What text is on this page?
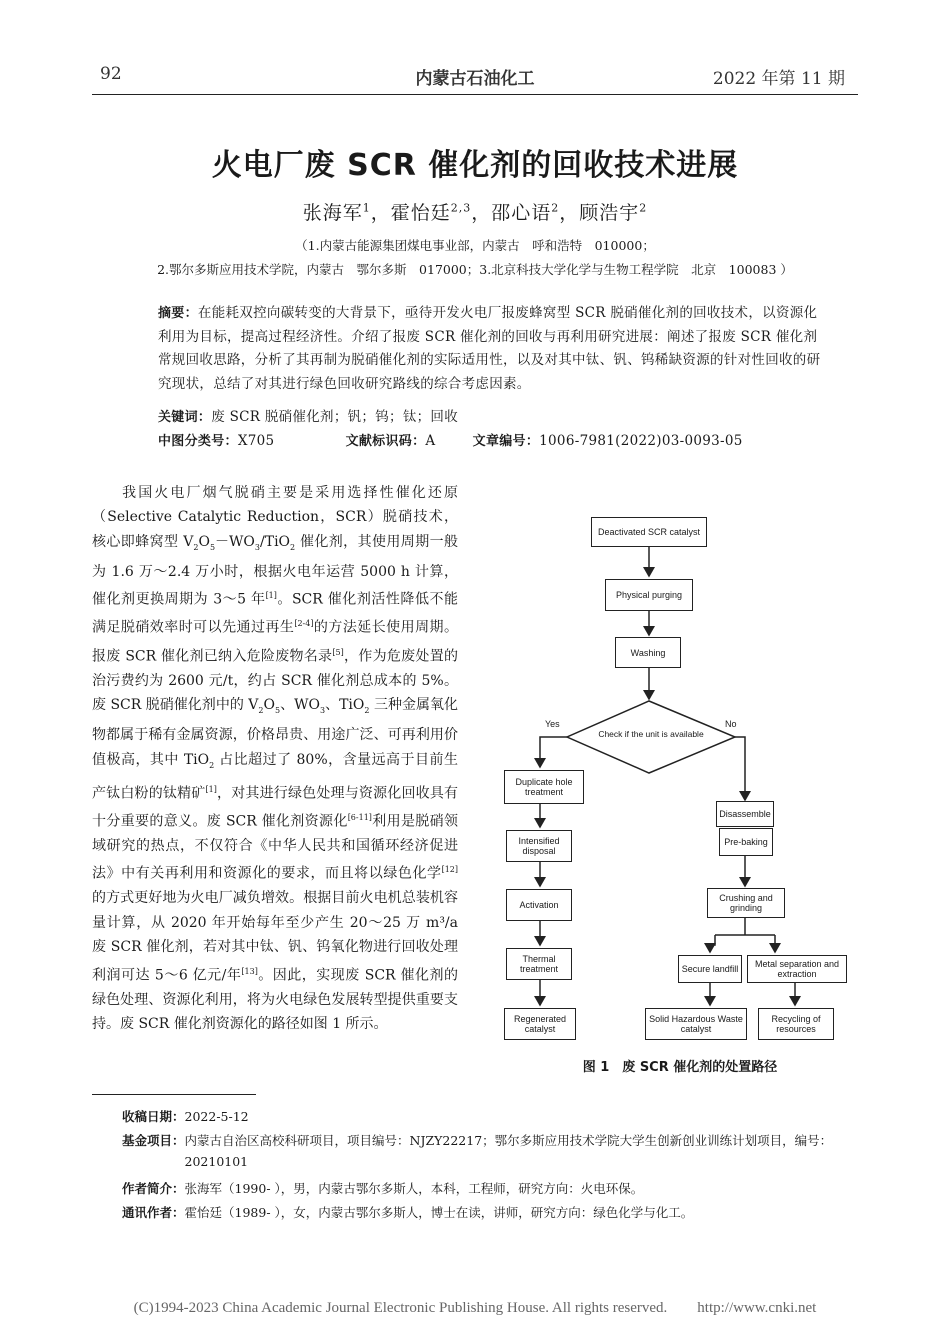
92	内蒙古石油化工	2022 年第 11 期
火电厂废 SCR 催化剂的回收技术进展
张海军$^1$，霍怡廷$^{2,3}$，邵心语$^2$，顾浩宇$^2$
（1.内蒙古能源集团煤电事业部，内蒙古　呼和浩特　010000；
2.鄂尔多斯应用技术学院，内蒙古　鄂尔多斯　017000；3.北京科技大学化学与生物工程学院　北京　100083 ）
摘要：在能耗双控向碳转变的大背景下，亟待开发火电厂报废蜂窝型 SCR 脱硝催化剂的回收技术，以资源化利用为目标，提高过程经济性。介绍了报废 SCR 催化剂的回收与再利用研究进展：阐述了报废 SCR 催化剂常规回收思路，分析了其再制为脱硝催化剂的实际适用性，以及对其中钛、钒、钨稀缺资源的针对性回收的研究现状，总结了对其进行绿色回收研究路线的综合考虑因素。
关键词：废 SCR 脱硝催化剂；钒；钨；钛；回收
中图分类号：X705	文献标识码：A	文章编号：1006-7981(2022)03-0093-05
我国火电厂烟气脱硝主要是采用选择性催化还原（Selective Catalytic Reduction，SCR）脱硝技术，核心即蜂窝型 $V_2O_5-WO_3/TiO_2$ 催化剂，其使用周期一般为 1.6 万～2.4 万小时，根据火电年运营 5000 h 计算，催化剂更换周期为 3～5 年[1]。SCR 催化剂活性降低不能满足脱硝效率时可以先通过再生[2-4]的方法延长使用周期。报废 SCR 催化剂已纳入危险废物名录[5]，作为危废处置的治污费约为 2600 元/t，约占 SCR 催化剂总成本的 5%。废 SCR 脱硝催化剂中的 $V_2O_5$、$WO_3$、TiO$_2$ 三种金属氧化物都属于稀有金属资源，价格昂贵、用途广泛、可再利用价值极高，其中 TiO$_2$ 占比超过了 80%，含量远高于目前生产钛白粉的钛精矿[1]，对其进行绿色处理与资源化回收具有十分重要的意义。废 SCR 催化剂资源化[6-11]利用是脱硝领域研究的热点，不仅符合《中华人民共和国循环经济促进法》中有关再利用和资源化的要求，而且将以绿色化学[12]的方式更好地为火电厂减负增效。根据目前火电机总装机容量计算，从 2020 年开始每年至少产生 20～25 万 m³/a 废 SCR 催化剂，若对其中钛、钒、钨氧化物进行回收处理利润可达 5～6 亿元/年[13]。因此，实现废 SCR 催化剂的绿色处理、资源化利用，将为火电绿色发展转型提供重要支持。废 SCR 催化剂资源化的路径如图 1 所示。
Deactivated SCR catalyst
Physical purging
Washing
Check if the unit is available
Yes	No
Duplicate hole treatment
Intensified disposal
Activation
Thermal treatment
Regenerated catalyst
Disassemble
Pre-baking
Crushing and grinding
Secure landfill	Metal separation and extraction
Solid Hazardous Waste catalyst
Recycling of resources
图 1　废 SCR 催化剂的处置路径
收稿日期：2022-5-12
基金项目： 内蒙古自治区高校科研项目，项目编号：NJZY22217；鄂尔多斯应用技术学院大学生创新创业训练计划项目，编号：20210101
作者简介：张海军（1990- ），男，内蒙古鄂尔多斯人，本科，工程师，研究方向：火电环保。
通讯作者：霍怡廷（1989- ），女，内蒙古鄂尔多斯人，博士在读，讲师，研究方向：绿色化学与化工。
(C)1994-2023 China Academic Journal Electronic Publishing House. All rights reserved.　　http://www.cnki.net
